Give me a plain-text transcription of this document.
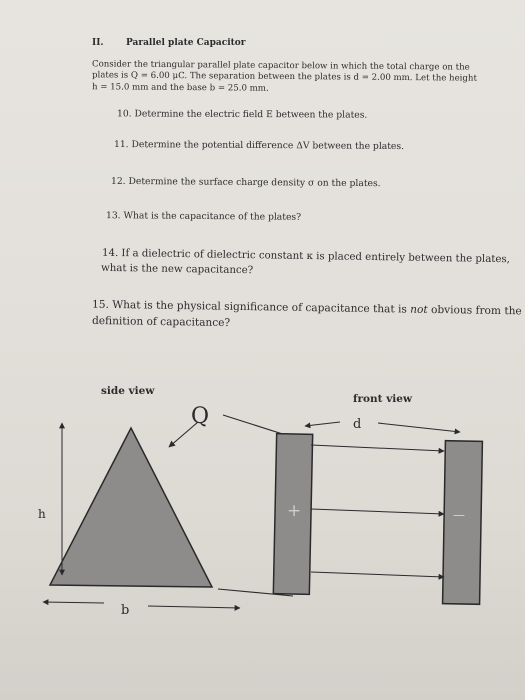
II. Parallel plate Capacitor
Consider the triangular parallel plate capacitor below in which the total charge on the
plates is Q = 6.00 μC. The separation between the plates is d = 2.00 mm. Let the height
h = 15.0 mm and the base b = 25.0 mm.
10. Determine the electric field E between the plates.
11. Determine the potential difference ΔV between the plates.
12. Determine the surface charge density σ on the plates.
13. What is the capacitance of the plates?
14. If a dielectric of dielectric constant κ is placed entirely between the plates,
what is the new capacitance?
15. What is the physical significance of capacitance that is not obvious from the
definition of capacitance?
side view
front view
Q
h
b
d
+	—
